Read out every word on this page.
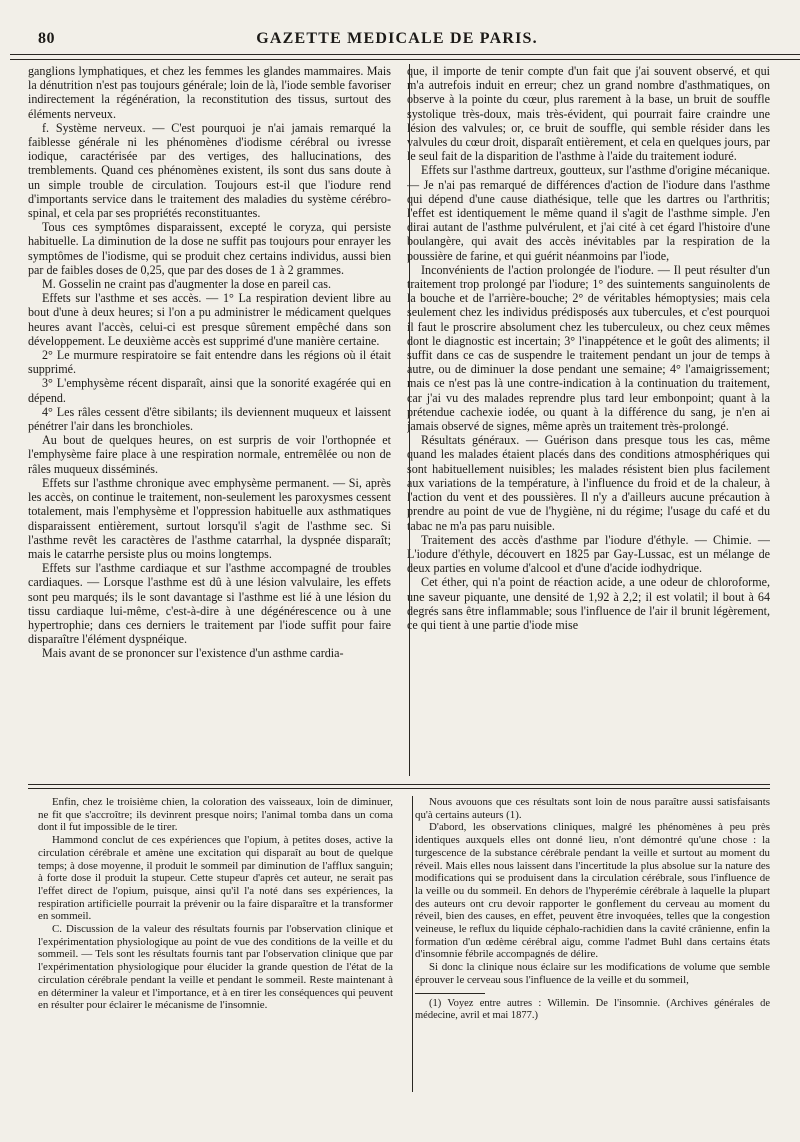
80	GAZETTE MEDICALE DE PARIS.

ganglions lymphatiques, et chez les femmes les glandes mammaires. Mais la dénutrition n'est pas toujours générale; loin de là, l'iode semble favoriser indirectement la régénération, la reconstitution des tissus, surtout des éléments nerveux.

f. Système nerveux. — C'est pourquoi je n'ai jamais remarqué la faiblesse générale ni les phénomènes d'iodisme cérébral ou ivresse iodique, caractérisée par des vertiges, des hallucinations, des tremblements. Quand ces phénomènes existent, ils sont dus sans doute à un simple trouble de circulation. Toujours est-il que l'iodure rend d'importants service dans le traitement des maladies du système cérébro-spinal, et cela par ses propriétés reconstituantes.

Tous ces symptômes disparaissent, excepté le coryza, qui persiste habituelle. La diminution de la dose ne suffit pas toujours pour enrayer les symptômes de l'iodisme, qui se produit chez certains individus, aussi bien par de faibles doses de 0,25, que par des doses de 1 à 2 grammes.

M. Gosselin ne craint pas d'augmenter la dose en pareil cas.

Effets sur l'asthme et ses accès. — 1° La respiration devient libre au bout d'une à deux heures; si l'on a pu administrer le médicament quelques heures avant l'accès, celui-ci est presque sûrement empêché dans son développement. Le deuxième accès est supprimé d'une manière certaine.

2° Le murmure respiratoire se fait entendre dans les régions où il était supprimé.

3° L'emphysème récent disparaît, ainsi que la sonorité exagérée qui en dépend.

4° Les râles cessent d'être sibilants; ils deviennent muqueux et laissent pénétrer l'air dans les bronchioles.

Au bout de quelques heures, on est surpris de voir l'orthopnée et l'emphysème faire place à une respiration normale, entremêlée ou non de râles muqueux disséminés.

Effets sur l'asthme chronique avec emphysème permanent. — Si, après les accès, on continue le traitement, non-seulement les paroxysmes cessent totalement, mais l'emphysème et l'oppression habituelle aux asthmatiques disparaissent entièrement, surtout lorsqu'il s'agit de l'asthme sec. Si l'asthme revêt les caractères de l'asthme catarrhal, la dyspnée disparaît; mais le catarrhe persiste plus ou moins longtemps.

Effets sur l'asthme cardiaque et sur l'asthme accompagné de troubles cardiaques. — Lorsque l'asthme est dû à une lésion valvulaire, les effets sont peu marqués; ils le sont davantage si l'asthme est lié à une lésion du tissu cardiaque lui-même, c'est-à-dire à une dégénérescence ou à une hypertrophie; dans ces derniers le traitement par l'iode suffit pour faire disparaître l'élément dyspnéique.

Mais avant de se prononcer sur l'existence d'un asthme cardia-

que, il importe de tenir compte d'un fait que j'ai souvent observé, et qui m'a autrefois induit en erreur; chez un grand nombre d'asthmatiques, on observe à la pointe du cœur, plus rarement à la base, un bruit de souffle systolique très-doux, mais très-évident, qui pourrait faire craindre une lésion des valvules; or, ce bruit de souffle, qui semble résider dans les valvules du cœur droit, disparaît entièrement, et cela en quelques jours, par le seul fait de la disparition de l'asthme à l'aide du traitement ioduré.

Effets sur l'asthme dartreux, goutteux, sur l'asthme d'origine mécanique. — Je n'ai pas remarqué de différences d'action de l'iodure dans l'asthme qui dépend d'une cause diathésique, telle que les dartres ou l'arthritis; l'effet est identiquement le même quand il s'agit de l'asthme simple. J'en dirai autant de l'asthme pulvérulent, et j'ai cité à cet égard l'histoire d'une boulangère, qui avait des accès inévitables par la respiration de la poussière de farine, et qui guérit néanmoins par l'iode,

Inconvénients de l'action prolongée de l'iodure. — Il peut résulter d'un traitement trop prolongé par l'iodure; 1° des suintements sanguinolents de la bouche et de l'arrière-bouche; 2° de véritables hémoptysies; mais cela seulement chez les individus prédisposés aux tubercules, et c'est pourquoi il faut le proscrire absolument chez les tuberculeux, ou chez ceux mêmes dont le diagnostic est incertain; 3° l'inappétence et le goût des aliments; il suffit dans ce cas de suspendre le traitement pendant un jour de temps à autre, ou de diminuer la dose pendant une semaine; 4° l'amaigrissement; mais ce n'est pas là une contre-indication à la continuation du traitement, car j'ai vu des malades reprendre plus tard leur embonpoint; quant à la prétendue cachexie iodée, ou quant à la différence du sang, je n'en ai jamais observé de signes, même après un traitement très-prolongé.

Résultats généraux. — Guérison dans presque tous les cas, même quand les malades étaient placés dans des conditions atmosphériques qui sont habituellement nuisibles; les malades résistent bien plus facilement aux variations de la température, à l'influence du froid et de la chaleur, à l'action du vent et des poussières. Il n'y a d'ailleurs aucune précaution à prendre au point de vue de l'hygiène, ni du régime; l'usage du café et du tabac ne m'a pas paru nuisible.

Traitement des accès d'asthme par l'iodure d'éthyle. — Chimie. — L'iodure d'éthyle, découvert en 1825 par Gay-Lussac, est un mélange de deux parties en volume d'alcool et d'une d'acide iodhydrique.

Cet éther, qui n'a point de réaction acide, a une odeur de chloroforme, une saveur piquante, une densité de 1,92 à 2,2; il est volatil; il bout à 64 degrés sans être inflammable; sous l'influence de l'air il brunit légèrement, ce qui tient à une partie d'iode mise

Enfin, chez le troisième chien, la coloration des vaisseaux, loin de diminuer, ne fit que s'accroître; ils devinrent presque noirs; l'animal tomba dans un coma dont il fut impossible de le tirer.

Hammond conclut de ces expériences que l'opium, à petites doses, active la circulation cérébrale et amène une excitation qui disparaît au bout de quelque temps; à dose moyenne, il produit le sommeil par diminution de l'afflux sanguin; à forte dose il produit la stupeur. Cette stupeur d'après cet auteur, ne serait pas l'effet direct de l'opium, puisque, ainsi qu'il l'a noté dans ses expériences, la respiration artificielle pourrait la prévenir ou la faire disparaître et la transformer en sommeil.

C. Discussion de la valeur des résultats fournis par l'observation clinique et l'expérimentation physiologique au point de vue des conditions de la veille et du sommeil. — Tels sont les résultats fournis tant par l'observation clinique que par l'expérimentation physiologique pour élucider la grande question de l'état de la circulation cérébrale pendant la veille et pendant le sommeil. Reste maintenant à en déterminer la valeur et l'importance, et à en tirer les conséquences qui peuvent en résulter pour éclairer le mécanisme de l'insomnie.

Nous avouons que ces résultats sont loin de nous paraître aussi satisfaisants qu'à certains auteurs (1).

D'abord, les observations cliniques, malgré les phénomènes à peu près identiques auxquels elles ont donné lieu, n'ont démontré qu'une chose : la turgescence de la substance cérébrale pendant la veille et surtout au moment du réveil. Mais elles nous laissent dans l'incertitude la plus absolue sur la nature des modifications qui se produisent dans la circulation cérébrale, sous l'influence de la veille ou du sommeil. En dehors de l'hyperémie cérébrale à laquelle la plupart des auteurs ont cru devoir rapporter le gonflement du cerveau au moment du réveil, bien des causes, en effet, peuvent être invoquées, telles que la congestion veineuse, le reflux du liquide céphalo-rachidien dans la cavité crânienne, enfin la formation d'un œdème cérébral aigu, comme l'admet Buhl dans certains états d'insomnie fébrile accompagnés de délire.

Si donc la clinique nous éclaire sur les modifications de volume que semble éprouver le cerveau sous l'influence de la veille et du sommeil,

(1) Voyez entre autres : Willemin. De l'insomnie. (Archives générales de médecine, avril et mai 1877.)
